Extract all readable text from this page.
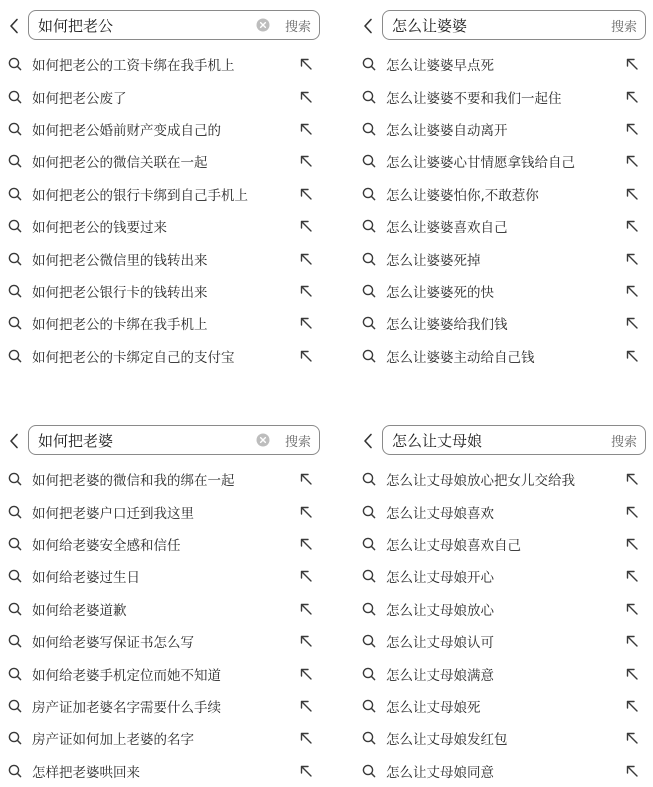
如何把老公	搜索
如何把老公的工资卡绑在我手机上
如何把老公废了
如何把老公婚前财产变成自己的
如何把老公的微信关联在一起
如何把老公的银行卡绑到自己手机上
如何把老公的钱要过来
如何把老公微信里的钱转出来
如何把老公银行卡的钱转出来
如何把老公的卡绑在我手机上
如何把老公的卡绑定自己的支付宝
怎么让婆婆	搜索
怎么让婆婆早点死
怎么让婆婆不要和我们一起住
怎么让婆婆自动离开
怎么让婆婆心甘情愿拿钱给自己
怎么让婆婆怕你,不敢惹你
怎么让婆婆喜欢自己
怎么让婆婆死掉
怎么让婆婆死的快
怎么让婆婆给我们钱
怎么让婆婆主动给自己钱
如何把老婆	搜索
如何把老婆的微信和我的绑在一起
如何把老婆户口迁到我这里
如何给老婆安全感和信任
如何给老婆过生日
如何给老婆道歉
如何给老婆写保证书怎么写
如何给老婆手机定位而她不知道
房产证加老婆名字需要什么手续
房产证如何加上老婆的名字
怎样把老婆哄回来
怎么让丈母娘	搜索
怎么让丈母娘放心把女儿交给我
怎么让丈母娘喜欢
怎么让丈母娘喜欢自己
怎么让丈母娘开心
怎么让丈母娘放心
怎么让丈母娘认可
怎么让丈母娘满意
怎么让丈母娘死
怎么让丈母娘发红包
怎么让丈母娘同意
